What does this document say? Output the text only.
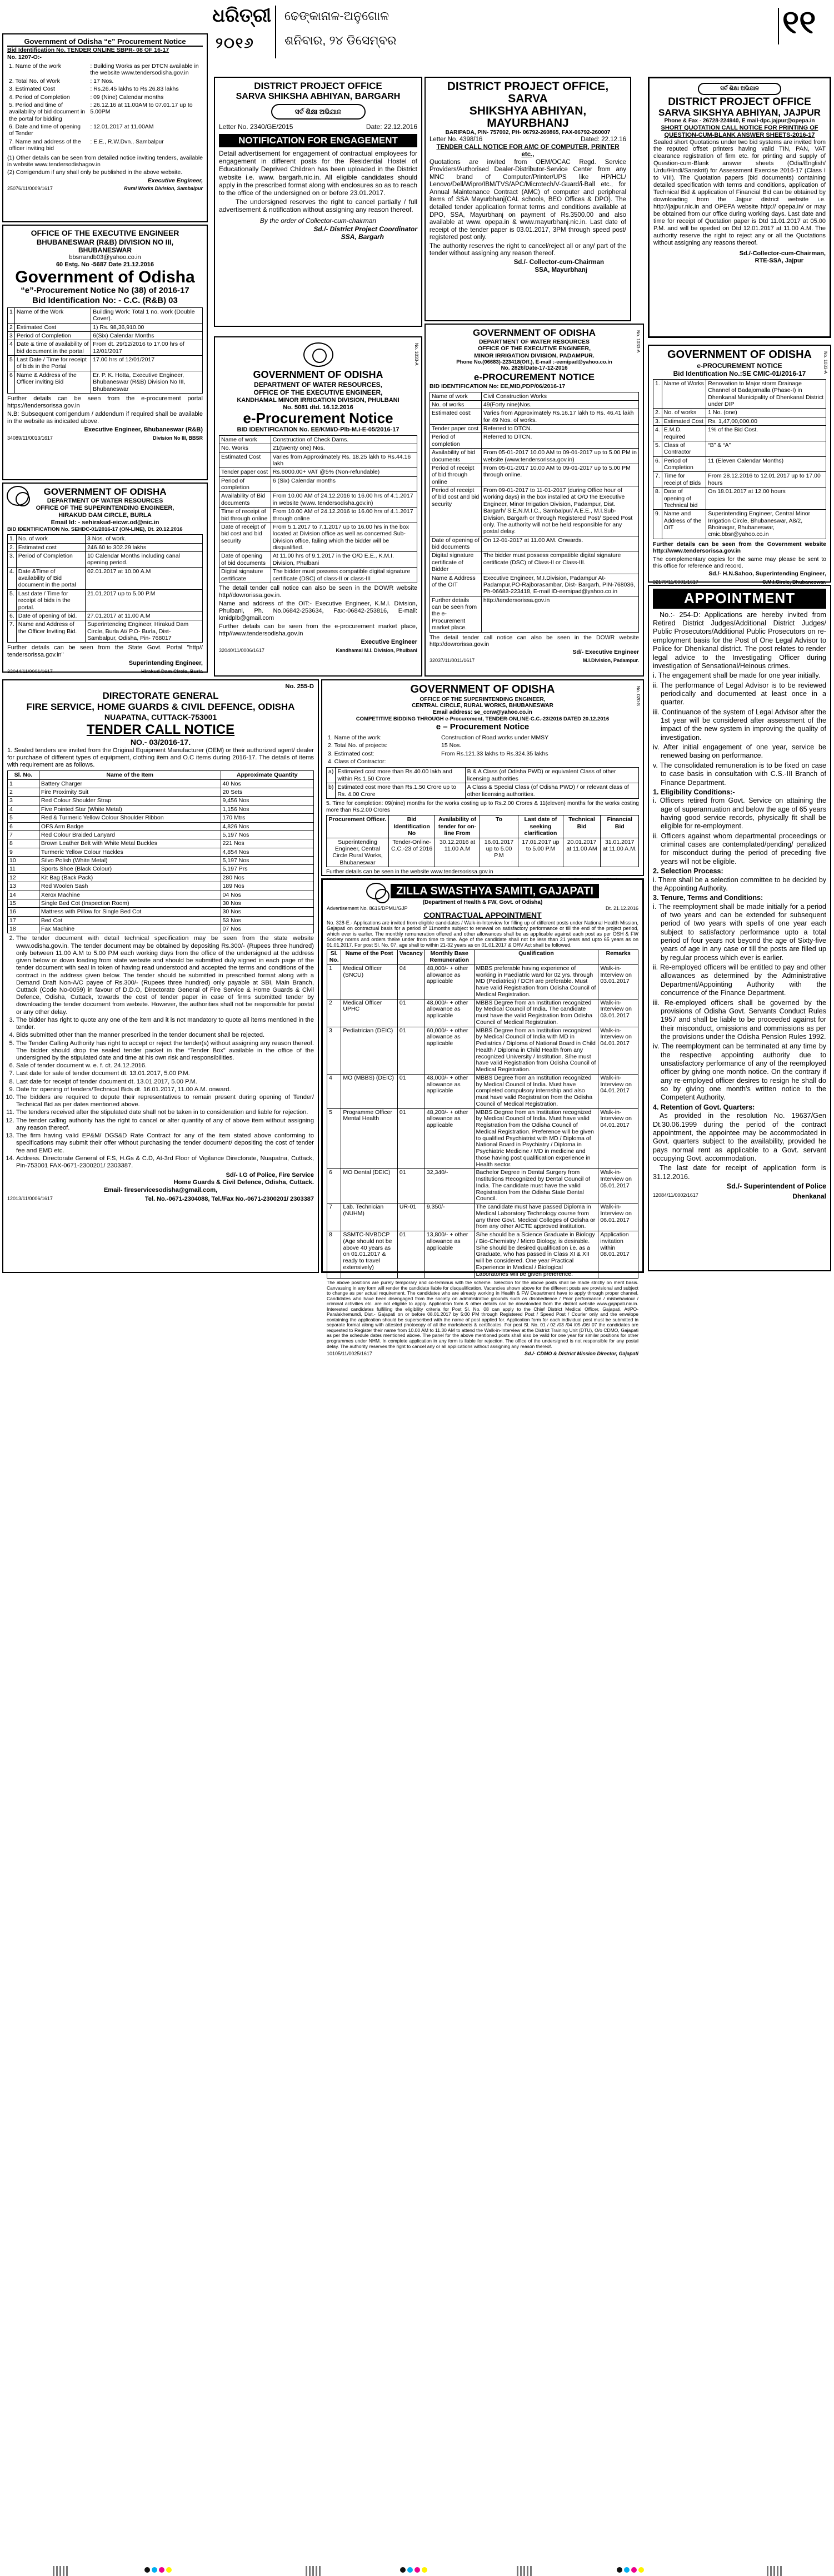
ଧରିତ୍ରୀ
୨୦୧୬
ଢେଙ୍କାନାଳ-ଅନୁଗୋଳ
ଶନିବାର, ୨୪ ଡିସେମ୍ବର
୧୧
Government of Odisha “e” Procurement Notice
Bid Identification No. TENDER ONLINE SBPR- 08 OF 16-17
No. 1207-O:-
1. Name of the work	: Building Works as per DTCN available in the website www.tendersodisha.gov.in
2. Total No. of Work	: 17 Nos.
3. Estimated Cost	: Rs.26.45 lakhs to Rs.26.83 lakhs
4. Period of Completion	: 09 (Nine) Calendar months
5. Period and time of availability of bid document in the portal for bidding	: 26.12.16 at 11.00AM to 07.01.17 up to 5.00PM
6. Date and time of opening of Tender	: 12.01.2017 at 11.00AM
7. Name and address of the officer inviting bid	: E.E., R.W.Dvn., Sambalpur

(1) Other details can be seen from detailed notice inviting tenders, available in website www.tendersodishagov.in

(2) Corrigendum if any shall only be published in the above website.

Executive Engineer,
25076/11/0009/1617	Rural Works Division, Sambalpur
OFFICE OF THE EXECUTIVE ENGINEER
BHUBANESWAR (R&B) DIVISION NO III,
BHUBANESWAR
bbsrrandb03@yahoo.co.in
60 Estg. No -5687 Date 21.12.2016
Government of Odisha
“e”-Procurement Notice No (38) of 2016-17
Bid Identification No: - C.C. (R&B) 03
1	Name of the Work	Building Work: Total 1 no. work (Double Cover).
2	Estimated Cost	1) Rs. 98,36,910.00
3	Period of Completion	6(Six) Calendar Months
4	Date & time of availability of bid document in the portal	From dt. 29/12/2016 to 17.00 hrs of 12/01/2017
5	Last Date / Time for receipt of bids in the Portal	17.00 hrs of 12/01/2017
6	Name & Address of the Officer inviting Bid	Er. P. K. Hotta, Executive Engineer, Bhubaneswar (R&B) Division No III, Bhubaneswar

Further details can be seen from the e-procurement portal https://tendersorissa.gov.in

N.B: Subsequent corrigendum / addendum if required shall be available in the website as indicated above.

Executive Engineer, Bhubaneswar (R&B)
34089/11/0013/1617	Division No III, BBSR
GOVERNMENT OF ODISHA
DEPARTMENT OF WATER RESOURCES
OFFICE OF THE SUPERINTENDING ENGINEER,
HIRAKUD DAM CIRCLE, BURLA
Email Id: - sehirakud-eicwr.od@nic.in
BID IDENTIFICATION No. SEHDC-01/2016-17 (ON-LINE), Dt. 20.12.2016
1.	No. of work	3 Nos. of work.
2.	Estimated cost	246.60 to 302.29 lakhs
3.	Period of Completion	10 Calendar Months including canal opening period.
4.	Date &Time of availability of Bid document in the portal	02.01.2017 at 10.00 A.M
5.	Last date / Time for receipt of bids in the portal.	21.01.2017 up to 5.00 P.M
6.	Date of opening of bid.	27.01.2017 at 11.00 A.M
7.	Name and Address of the Officer Inviting Bid.	Superintending Engineer, Hirakud Dam Circle, Burla At/ P.O- Burla, Dist- Sambalpur, Odisha, Pin- 768017

Further details can be seen from the State Govt. Portal "http// tendersorissa.gov.in"

Superintending Engineer,
32044/11/0001/1617	Hirakud Dam Circle, Burla
DISTRICT PROJECT OFFICE
SARVA SHIKSHA ABHIYAN, BARGARH
ସର୍ବ ଶିକ୍ଷା ଅଭିଯାନ
Letter No. 2340/GE/2015	Date: 22.12.2016
NOTIFICATION FOR ENGAGEMENT

Detail advertisement for engagement of contractual employees for engagement in different posts for the Residential Hostel of Educationally Deprived Children has been uploaded in the District website i.e. www. bargarh.nic.in. All eligible candidates should apply in the prescribed format along with enclosures so as to reach to the office of the undersigned on or before 23.01.2017.

The undersigned reserves the right to cancel partially / full advertisement & notification without assigning any reason thereof.

By the order of Collector-cum-chairman
Sd./- District Project Coordinator
SSA, Bargarh
DISTRICT PROJECT OFFICE, SARVA
SHIKSHYA ABHIYAN, MAYURBHANJ
BARIPADA, PIN- 757002, PH- 06792-260865, FAX-06792-260007
Letter No. 4398/16	Dated: 22.12.16
TENDER CALL NOTICE FOR AMC OF COMPUTER, PRINTER etc.,

Quotations are invited from OEM/OCAC Regd. Service Providers/Authorised Dealer-Distributor-Service Center from any MNC brand of Computer/Printer/UPS like HP/HCL/ Lenovo/Dell/Wipro/IBM/TVS/APC/Microtech/V-Guard/i-Ball etc., for Annual Maintenance Contract (AMC) of computer and peripheral items of SSA Mayurbhanj(CAL schools, BEO Offices & DPO). The detailed tender application format terms and conditions available at DPO, SSA, Mayurbhanj on payment of Rs.3500.00 and also available at www. opepa.in & www.mayurbhanj.nic.in. Last date of receipt of the tender paper is 03.01.2017, 3PM through speed post/ registered post only.

The authority reserves the right to cancel/reject all or any/ part of the tender without assigning any reason thereof.

Sd./- Collector-cum-Chairman
SSA, Mayurbhanj
ସର୍ବ ଶିକ୍ଷା ଅଭିଯାନ
DISTRICT PROJECT OFFICE
SARVA SIKSHYA ABHIYAN, JAJPUR
Phone & Fax - 26728-224940, E mail-dpc.jajpur@opepa.in
SHORT QUOTATION CALL NOTICE FOR PRINTING OF
QUESTION-CUM-BLANK ANSWER SHEETS-2016-17

Sealed short Quotations under two bid systems are invited from the reputed offset printers having valid TIN, PAN, VAT clearance registration of firm etc. for printing and supply of Question-cum-Blank answer sheets (Odia/English/ Urdu/Hindi/Sanskrit) for Assessment Exercise 2016-17 (Class I to VIII). The Quotation papers (bid documents) containing detailed specification with terms and conditions, application of Technical Bid & application of Financial Bid can be obtained by downloading from the Jajpur district website i.e. http://jajpur.nic.in and OPEPA website http:// opepa.in/ or may be obtained from our office during working days. Last date and time for receipt of Quotation paper is Dtd 11.01.2017 at 05.00 P.M. and will be opeded on Dtd 12.01.2017 at 11.00 A.M. The authority reserve the right to reject any or all the Quotations without assigning any reasons thereof.

Sd./-Collector-cum-Chairman,
RTE-SSA, Jajpur
No. 1033-A
GOVERNMENT OF ODISHA
DEPARTMENT OF WATER RESOURCES,
OFFICE OF THE EXECUTIVE ENGINEER,
KANDHAMAL MINOR IRRIGATION DIVISION, PHULBANI
No. 5081 dtd. 16.12.2016
e-Procurement Notice
BID IDENTIFICATION No. EE/KMI/D-Plb-M.I-E-05/2016-17
Name of work	Construction of Check Dams.
No. Works	21(twenty one) Nos.
Estimated Cost	Varies from Approximately Rs. 18.25 lakh to Rs.44.16 lakh
Tender paper cost	Rs.6000.00+ VAT @5% (Non-refundable)
Period of completion	6 (Six) Calendar months
Availability of Bid documents	From 10.00 AM of 24.12.2016 to 16.00 hrs of 4.1.2017 in website (www. tendersodisha.gov.in)
Time of receipt of bid through online	From 10.00 AM of 24.12.2016 to 16.00 hrs of 4.1.2017 through online
Date of receipt of bid cost and bid security	From 5.1.2017 to 7.1.2017 up to 16.00 hrs in the box located at Division office as well as concerned Sub-Division office, failing which the bidder will be disqualified.
Date of opening of bid documents	At 11.00 hrs of 9.1.2017 in the O/O E.E., K.M.I. Division, Phulbani
Digital signature certificate	The bidder must possess compatible digital signature certificate (DSC) of class-II or class-III

The detail tender call notice can also be seen in the DOWR website http//dowrorissa.gov.in.

Name and address of the OIT:- Executive Engineer, K.M.I. Division, Phulbani, Ph. No.06842-253634, Fax:-06842-253816, E-mail: kmidplb@gmail.com

Further details can be seen from the e-procurement market place, http//www.tendersodisha.gov.in

Executive Engineer
32040/11/0006/1617	Kandhamal M.I. Division, Phulbani
No. 1033-A
GOVERNMENT OF ODISHA
DEPARTMENT OF WATER RESOURCES
OFFICE OF THE EXECUTIVE ENGINEER,
MINOR IRRIGATION DIVISION, PADAMPUR.
Phone No.(06683)-223418(Off.), E-mail :-eemipad@yahoo.co.in
No. 2826/Date-17-12-2016
e-PROCUREMENT NOTICE
BID IDENTIFICATION No: EE,MID,PDP/06/2016-17
Name of work	Civil Construction Works
No. of works	49(Forty nine)Nos.
Estimated cost:	Varies from Approximately Rs.16.17 lakh to Rs. 46.41 lakh for 49 Nos. of works.
Tender paper cost	Referred to DTCN.
Period of completion	Referred to DTCN.
Availability of bid documents	From 05-01-2017 10.00 AM to 09-01-2017 up to 5.00 PM in website (www.tendersorissa.gov.in)
Period of receipt of bid through online	From 05-01-2017 10.00 AM to 09-01-2017 up to 5.00 PM through online.
Period of receipt of bid cost and bid security	From 09-01-2017 to 11-01-2017 (during Office hour of working days) in the box installed at O/O the Executive Engineer, Minor Irrigation Division, Padampur, Dist. Bargarh/ S.E.N.M.I.C., Sambalpur/ A.E.E., M.I.Sub-Division, Bargarh or through Registered Post/ Speed Post only. The authority will not be held responsible for any postal delay.
Date of opening of bid documents	On 12-01-2017 at 11.00 AM. Onwards.
Digital signature certificate of Bidder	The bidder must possess compatible digital signature certificate (DSC) of Class-II or Class-III.
Name & Address of the OIT	Executive Engineer, M.I.Division, Padampur At-Padampur,PO-Rajborasambar, Dist- Bargarh, PIN-768036, Ph-06683-223418, E-mail ID-eemipad@yahoo.co.in
Further details can be seen from the e-Procurement market place.	http://tendersorissa.gov.in

The detail tender call notice can also be seen in the DOWR website http://dowrorissa.gov.in

Sd/- Executive Engineer
32037/11/0011/1617	M.I.Division, Padampur.
No. 1033-A
GOVERNMENT OF ODISHA
e-PROCUREMENT NOTICE
Bid Identification No.:SE CMIC-01/2016-17
1.	Name of Works	Renovation to Major storm Drainage Channel of Badajornalla (Phase-I) in Dhenkanal Municipality of Dhenkanal District under DIP
2.	No. of works	1 No. (one)
3.	Estimated Cost	Rs. 1,47,00,000.00
4.	E.M.D. required	1% of the Bid Cost.
5.	Class of Contractor	“B” & “A”
6.	Period of Completion	11 (Eleven Calendar Months)
7.	Time for receipt of Bids	From 28.12.2016 to 12.01.2017 up to 17.00 hours
8.	Date of opening of Technical bid	On 18.01.2017 at 12.00 hours
9.	Name and Address of the OIT	Superintending Engineer, Central Minor Irrigation Circle, Bhubaneswar, A8/2, Bhoinagar, Bhubaneswar, cmic.bbsr@yahoo.co.in

Further details can be seen from the Government website http://www.tendersorissa.gov.in

The complementary copies for the same may please be sent to this office for reference and record.

Sd./- H.N.Sahoo, Superintending Engineer,
32179/11/0001/1617	C.M.I.Circle, Bhubaneswar.
APPOINTMENT

No.:- 254-D: Applications are hereby invited from Retired District Judges/Additional District Judges/ Public Prosecutors/Additional Public Prosecutors on re-employment basis for the Post of One Legal Advisor to Police for Dhenkanal district. The post relates to render legal advice to the Investigating Officer during investigation of Sensational/Heinous crimes.

i. The engagement shall be made for one year initially.

ii. The performance of Legal Advisor is to be reviewed periodically and documented at least once in a quarter.

iii. Continuance of the system of Legal Advisor after the 1st year will be considered after assessment of the impact of the new system in improving the quality of investigation.

iv. After initial engagement of one year, service be renewed basing on performance.

v. The consolidated remuneration is to be fixed on case to case basis in consultation with C.S.-III Branch of Finance Department.

1. Eligibility Conditions:-

i. Officers retired from Govt. Service on attaining the age of superannuation and below the age of 65 years having good service records, physically fit shall be eligible for re-employment.

ii. Officers against whom departmental proceedings or criminal cases are contemplated/pending/ penalized for misconduct during the period of preceding five years will not be eligible.

2. Selection Process:

i. There shall be a selection committee to be decided by the Appointing Authority.

3. Tenure, Terms and Conditions:

i. The reemployment shall be made initially for a period of two years and can be extended for subsequent period of two years with spells of one year each subject to satisfactory performance upto a total period of four years not beyond the age of Sixty-five years of age in any case or till the posts are filled up by regular process which ever is earlier.

ii. Re-employed officers will be entitled to pay and other allowances as determined by the Administrative Department/Appointing Authority with the concurrence of the Finance Department.

iii. Re-employed officers shall be governed by the provisions of Odisha Govt. Servants Conduct Rules 1957 and shall be liable to be proceeded against for their misconduct, omissions and commissions as per the provisions under the Odisha Pension Rules 1992.

iv. The reemployment can be terminated at any time by the respective appointing authority due to unsatisfactory performance of any of the reemployed officer by giving one month notice. On the contrary if any re-employed officer desires to resign he shall do so by giving one month's written notice to the Competent Authority.

4. Retention of Govt. Quarters:

As provided in the resolution No. 19637/Gen Dt.30.06.1999 during the period of the contract appointment, the appointee may be accommodated in Govt. quarters subject to the availability, provided he pays normal rent as applicable to a Govt. servant occupying Govt. accommodation.

The last date for receipt of application form is 31.12.2016.

Sd./- Superintendent of Police
12084/11/0002/1617	Dhenkanal
No. 255-D
DIRECTORATE GENERAL
FIRE SERVICE, HOME GUARDS & CIVIL DEFENCE, ODISHA
NUAPATNA, CUTTACK-753001
TENDER CALL NOTICE
NO.- 03/2016-17.

1. Sealed tenders are invited from the Original Equipment Manufacturer (OEM) or their authorized agent/ dealer for purchase of different types of equipment, clothing item and O.C items during 2016-17. The details of items with requirement are as follows.

Sl. No.	Name of the Item	Approximate Quantity
1	Battery Charger	40 Nos
2	Fire Proximity Suit	20 Sets
3	Red Colour Shoulder Strap	9,456 Nos
4	Five Pointed Star (White Metal)	1,156 Nos
5	Red & Turmeric Yellow Colour Shoulder Ribbon	170 Mtrs
6	OFS Arm Badge	4,826 Nos
7	Red Colour Braided Lanyard	5,197 Nos
8	Brown Leather Belt with White Metal Buckles	221 Nos
9	Turmeric Yellow Colour Hackles	4,854 Nos
10	Silvo Polish (White Metal)	5,197 Nos
11	Sports Shoe (Black Colour)	5,197 Prs
12	Kit Bag (Back Pack)	280 Nos
13	Red Woolen Sash	189 Nos
14	Xerox Machine	04 Nos
15	Single Bed Cot (Inspection Room)	30 Nos
16	Mattress with Pillow for Single Bed Cot	30 Nos
17	Bed Cot	53 Nos
18	Fax Machine	07 Nos
2. The tender document with detail technical specification may be seen from the state website www.odisha.gov.in. The tender document may be obtained by depositing Rs.300/- (Rupees three hundred) only between 11.00 A.M to 5.00 P.M each working days from the office of the undersigned at the address given below or down loading from state website and should be submitted duly signed in each page of the tender document with seal in token of having read understood and accepted the terms and conditions of the contract in the address given below. The tender should be submitted in prescribed format along with a Demand Draft Non-A/C payee of Rs.300/- (Rupees three hundred) only payable at SBI, Main Branch, Cuttack (Code No-0059) in favour of D.D.O, Directorate General of Fire Service & Home Guards & Civil Defence, Odisha, Cuttack, towards the cost of tender paper in case of firms submitted tender by downloading the tender document from website. However, the authorities shall not be responsible for postal or any other delay.
3. The bidder has right to quote any one of the item and it is not mandatory to quote all items mentioned in the tender.
4. Bids submitted other than the manner prescribed in the tender document shall be rejected.
5. The Tender Calling Authority has right to accept or reject the tender(s) without assigning any reason thereof. The bidder should drop the sealed tender packet in the “Tender Box” available in the office of the undersigned by the stipulated date and time at his own risk and responsibilities.
6. Sale of tender document w. e. f. dt. 24.12.2016.
7. Last date for sale of tender document dt. 13.01.2017, 5.00 P.M.
8. Last date for receipt of tender document dt. 13.01.2017, 5.00 P.M.
9. Date for opening of tenders/Technical Bids dt. 16.01.2017, 11.00 A.M. onward.
10. The bidders are required to depute their representatives to remain present during opening of Tender/ Technical Bid as per dates mentioned above.
11. The tenders received after the stipulated date shall not be taken in to consideration and liable for rejection.
12. The tender calling authority has the right to cancel or alter quantity of any of above item without assigning any reason thereof.
13. The firm having valid EP&M/ DGS&D Rate Contract for any of the item stated above conforming to specifications may submit their offer without purchasing the tender document/ depositing the cost of tender fee and EMD etc.
14. Address. Directorate General of F.S, H.Gs & C.D, At-3rd Floor of Vigilance Directorate, Nuapatna, Cuttack, Pin-753001 FAX-0671-2300201/ 2303387.
Sd/- I.G of Police, Fire Service
Home Guards & Civil Defence, Odisha, Cuttack.
Email- fireservicesodisha@gmail.com,
12013/11/0006/1617	Tel. No.-0671-2304088, Tel./Fax No.-0671-2300201/ 2303387
No. 020-S
GOVERNMENT OF ODISHA
OFFICE OF THE SUPERINTENDING ENGINEER,
CENTRAL CIRCLE, RURAL WORKS, BHUBANESWAR
Email address: se_ccrw@yahoo.co.in
COMPETITIVE BIDDING THROUGH e-Procurement, TENDER-ONLINE-C.C.-23/2016 DATED 20.12.2016
e – Procurement Notice
1. Name of the work:	Construction of Road works under MMSY
2. Total No. of projects:	15 Nos.
3. Estimated cost:	From Rs.121.33 lakhs to Rs.324.35 lakhs
4. Class of Contractor:	
a)	Estimated cost more than Rs.40.00 lakh and within Rs.1.50 Crore	B & A Class (of Odisha PWD) or equivalent Class of other licensing authorities
b)	Estimated cost more than Rs.1.50 Crore up to Rs. 4.00 Crore	A Class & Special Class (of Odisha PWD) / or relevant class of other licensing authorities.

5. Time for completion: 09(nine) months for the works costing up to Rs.2.00 Crores & 11(eleven) months for the works costing more than Rs.2.00 Crores

Procurement Officer.	Bid Identification No	Availability of tender for on-line From	To	Last date of seeking clarification	Technical Bid	Financial Bid
Superintending Engineer, Central Circle Rural Works, Bhubaneswar	Tender-Online-C.C.-23 of 2016	30.12.2016 at 11.00 A.M	16.01.2017 up to 5.00 P.M	17.01.2017 up to 5.00 P.M	20.01.2017 at 11.00 AM	31.01.2017 at 11.00 A.M.

Further details can be seen in the website www.tendersorissa.gov.in

ZILLA SWASTHYA SAMITI, GAJAPATI
(Department of Health & FW, Govt. of Odisha)
Advertisement No. 8616/DPMU/GJP	Dt. 21.12.2016
CONTRACTUAL APPOINTMENT

No. 328-E.- Applications are invited from eligible candidates / Walk-in-Interview for filling up of different posts under National Health Mission, Gajapati on contractual basis for a period of 11months subject to renewal on satisfactory performance or till the end of the project period, which ever is earlier. The monthly remuneration offered and other allowances shall be as applicable against each post as per OSH & FW Society norms and orders theire under from time to time. Age of the candidate shall not be less than 21 years and upto 65 years as on 01.01.2017. For post Sl. No. 07, age shall to within 21-32 years as on 01.01.2017 & ORV Act shall be followed.

Sl. No.	Name of the Post	Vacancy	Monthly Base Remuneration	Qualification	Remarks
1	Medical Officer (SNCU)	04	48,000/- + other allowance as applicable	MBBS preferable having experience of working in Paediatric ward for 02 yrs. through MD (Pediatrics) / DCH are preferable. Must have valid Registration from Odisha Council of Medical Registration.	Walk-in-Interview on 03.01.2017
2	Medical Officer UPHC	01	48,000/- + other allowance as applicable	MBBS Degree from an Institution recognized by Medical Council of India. The candidate must have the valid Registration from Odisha Council of Medical Registration.	Walk-in-Interview on 03.01.2017
3	Pediatrician (DEIC)	01	60,000/- + other allowance as applicable	MBBS Degree from an Institution recognized by Medical Council of India with MD in Pediatrics / Diploma of National Board in Child Health / Diploma in Child Health from any recognized University / Institution. S/he must have valid Registration from Odisha Council of Medical Registration.	Walk-in-Interview on 04.01.2017
4	MO (MBBS) (DEIC)	01	48,000/- + other allowance as applicable	MBBS Degree from an Institution recognized by Medical Council of India. Must have completed compulsory internship and also must have valid Registration from the Odisha Council of Medical Registration.	Walk-in-Interview on 04.01.2017
5	Programme Officer Mental Health	01	48,200/- + other allowance as applicable	MBBS Degree from an Institution recognized by Medical Council of India. Must have valid Registration from the Odisha Council of Medical Registration. Preference will be given to qualified Psychiatrist with MD / Diploma of National Board in Psychiatry / Diploma in Psychiatric Medicine / MD in medicine and those having post qualification experience in Health sector.	Walk-in-Interview on 04.01.2017
6	MO Dental (DEIC)	01	32,340/-	Bachelor Degree in Dental Surgery from Institutions Recognized by Dental Council of India. The candidate must have the valid Registration from the Odisha State Dental Council.	Walk-in-Interview on 05.01.2017
7	Lab. Technician (NUHM)	UR-01	9,350/-	The candidate must have passed Diploma in Medical Laboratory Technology course from any three Govt. Medical Colleges of Odisha or from any other AICTE approved institution.	Walk-in-Interview on 06.01.2017
8	SSMTC-NVBDCP (Age should not be above 40 years as on 01.01.2017 & ready to travel extensively)	01	13,800/- + other allowance as applicable	S/he should be a Science Graduate in Biology / Bio-Chemistry / Micro Biology, is desirable. S/he should be desired qualification i.e. as a Graduate, who has passed in Class XI & XII will be considered. One year Practical Experience in Medical / Biological Laboratories will be given preference.	Application invitation within 08.01.2017

The above positions are purely temporary and co-terminus with the scheme. Selection for the above posts shall be made strictly on merit basis. Canvassing in any form will render the candidate liable for disqualification. Vacancies shown above for the different posts are provisional and subject to change as per actual requirement. The candidates who are already working in Health & FW Department have to apply through proper channel. Candidates who have been disengaged from the society on administrative grounds such as disobedience / Poor performance / misbehaviour / criminal activities etc. are not eligible to apply. Application form & other details can be downloaded from the district website www.gajapati.nic.in. Interested candidates fulfilling the eligibility criteria for Post Sl. No. 08 can apply to the Chief District Medical Officer, Gajapati, At/PO- Paralakhemundi, Dist.- Gajapati on or before 08.01.2017 by 5:00 PM through Registered Post / Speed Post / Courier only and the envelope containing the application should be superscribed with the name of post applied for. Application form for each individual post must be submitted in separate format along with attested photocopy of all the marksheets & certificates. For post Sl. No. 01 / 02 /03 /04 /05 /06/ 07 the candidates are requested to Register their name from 10.00 AM to 11.30 AM to attend the Walk-in-Interview at the District Training Unit (DTU), O/o CDMO, Gajapati as per the schedule dates mentioned above. The panel for the above mentioned posts shall also be valid for one year for similar positions for other programmes under NHM. In complete application in any form is liable for rejection. The office of the undersigned is not responsible for any postal delay. The authority reserves the right to cancel any or all applications without assigning any reason thereof.

10105/11/0025/1617	Sd./- CDMO & District Mission Director, Gajapati
